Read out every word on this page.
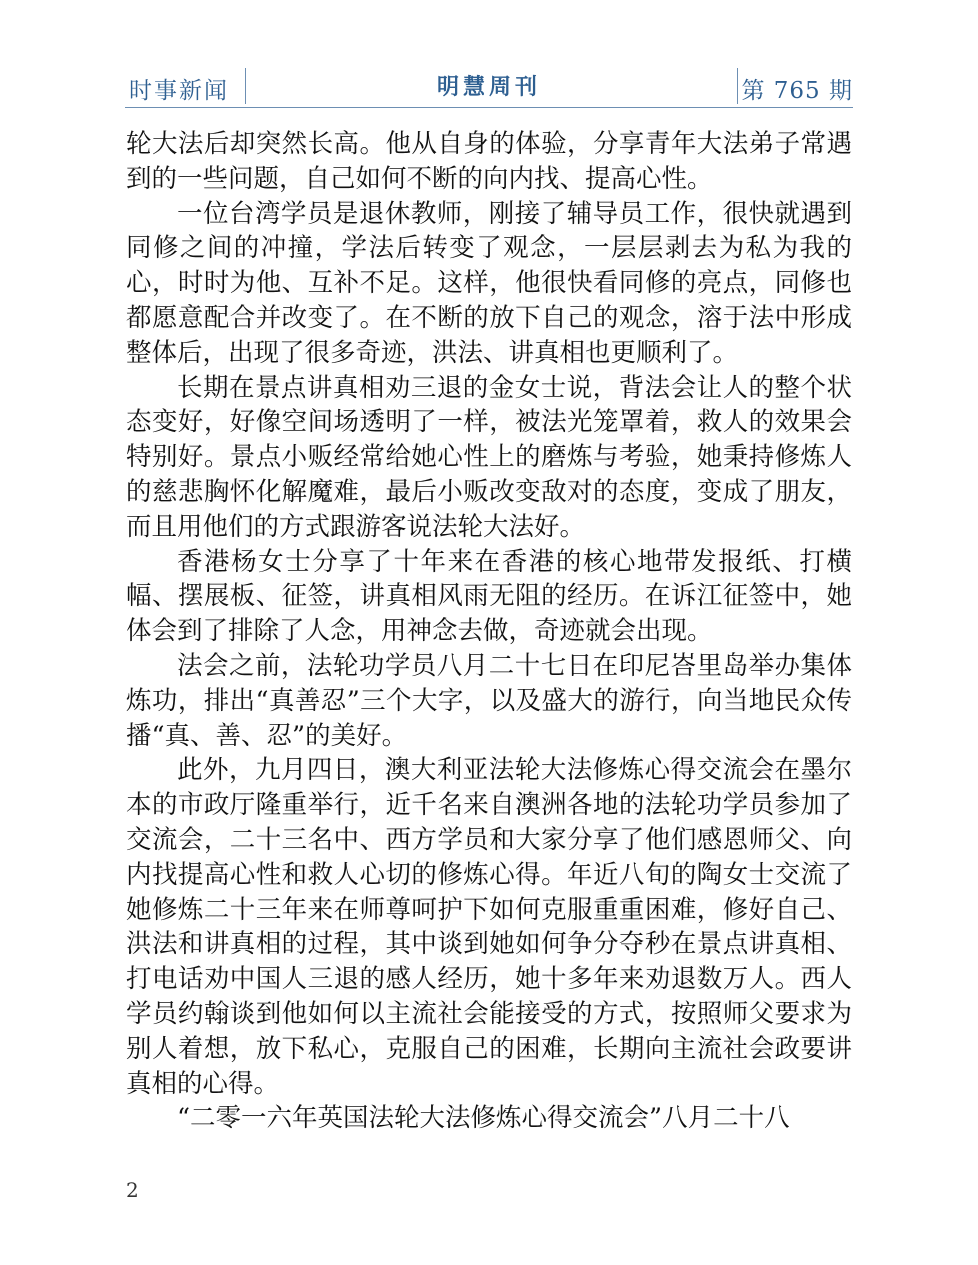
时事新闻	明慧周刊	第 765 期

轮大法后却突然长高。他从自身的体验，分享青年大法弟子常遇到的一些问题，自己如何不断的向内找、提高心性。

一位台湾学员是退休教师，刚接了辅导员工作，很快就遇到同修之间的冲撞，学法后转变了观念，一层层剥去为私为我的心，时时为他、互补不足。这样，他很快看同修的亮点，同修也都愿意配合并改变了。在不断的放下自己的观念，溶于法中形成整体后，出现了很多奇迹，洪法、讲真相也更顺利了。

长期在景点讲真相劝三退的金女士说，背法会让人的整个状态变好，好像空间场透明了一样，被法光笼罩着，救人的效果会特别好。景点小贩经常给她心性上的磨炼与考验，她秉持修炼人的慈悲胸怀化解魔难，最后小贩改变敌对的态度，变成了朋友，而且用他们的方式跟游客说法轮大法好。

香港杨女士分享了十年来在香港的核心地带发报纸、打横幅、摆展板、征签，讲真相风雨无阻的经历。在诉江征签中，她体会到了排除了人念，用神念去做，奇迹就会出现。

法会之前，法轮功学员八月二十七日在印尼峇里岛举办集体炼功，排出“真善忍”三个大字，以及盛大的游行，向当地民众传播“真、善、忍”的美好。

此外，九月四日，澳大利亚法轮大法修炼心得交流会在墨尔本的市政厅隆重举行，近千名来自澳洲各地的法轮功学员参加了交流会，二十三名中、西方学员和大家分享了他们感恩师父、向内找提高心性和救人心切的修炼心得。年近八旬的陶女士交流了她修炼二十三年来在师尊呵护下如何克服重重困难，修好自己、洪法和讲真相的过程，其中谈到她如何争分夺秒在景点讲真相、打电话劝中国人三退的感人经历，她十多年来劝退数万人。西人学员约翰谈到他如何以主流社会能接受的方式，按照师父要求为别人着想，放下私心，克服自己的困难，长期向主流社会政要讲真相的心得。

“二零一六年英国法轮大法修炼心得交流会”八月二十八

2
